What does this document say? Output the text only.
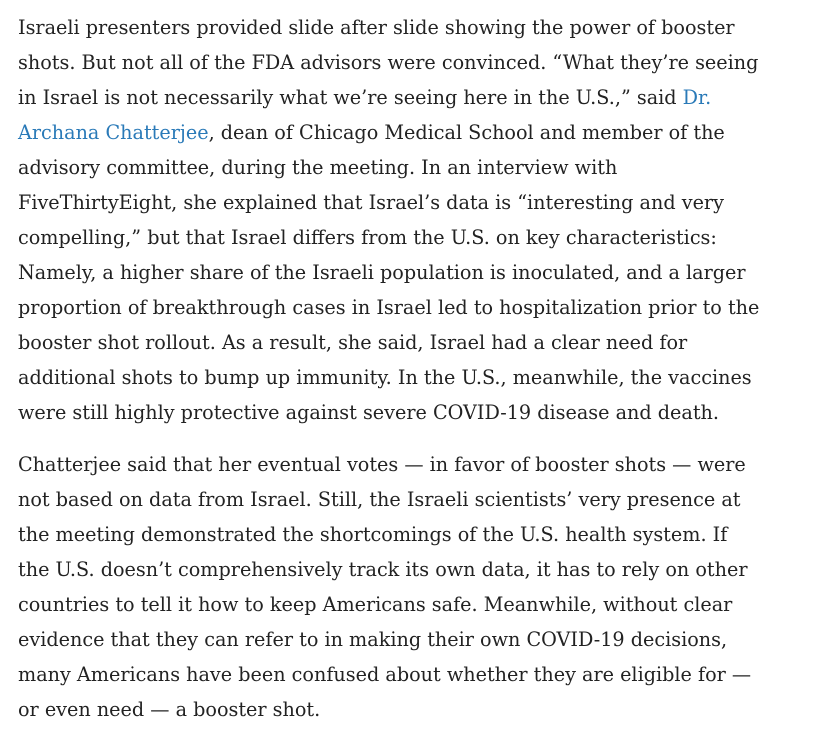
Israeli presenters provided slide after slide showing the power of booster
shots. But not all of the FDA advisors were convinced. “What they’re seeing
in Israel is not necessarily what we’re seeing here in the U.S.,” said Dr.
Archana Chatterjee, dean of Chicago Medical School and member of the
advisory committee, during the meeting. In an interview with
FiveThirtyEight, she explained that Israel’s data is “interesting and very
compelling,” but that Israel differs from the U.S. on key characteristics:
Namely, a higher share of the Israeli population is inoculated, and a larger
proportion of breakthrough cases in Israel led to hospitalization prior to the
booster shot rollout. As a result, she said, Israel had a clear need for
additional shots to bump up immunity. In the U.S., meanwhile, the vaccines
were still highly protective against severe COVID-19 disease and death.

Chatterjee said that her eventual votes — in favor of booster shots — were
not based on data from Israel. Still, the Israeli scientists’ very presence at
the meeting demonstrated the shortcomings of the U.S. health system. If
the U.S. doesn’t comprehensively track its own data, it has to rely on other
countries to tell it how to keep Americans safe. Meanwhile, without clear
evidence that they can refer to in making their own COVID-19 decisions,
many Americans have been confused about whether they are eligible for —
or even need — a booster shot.
